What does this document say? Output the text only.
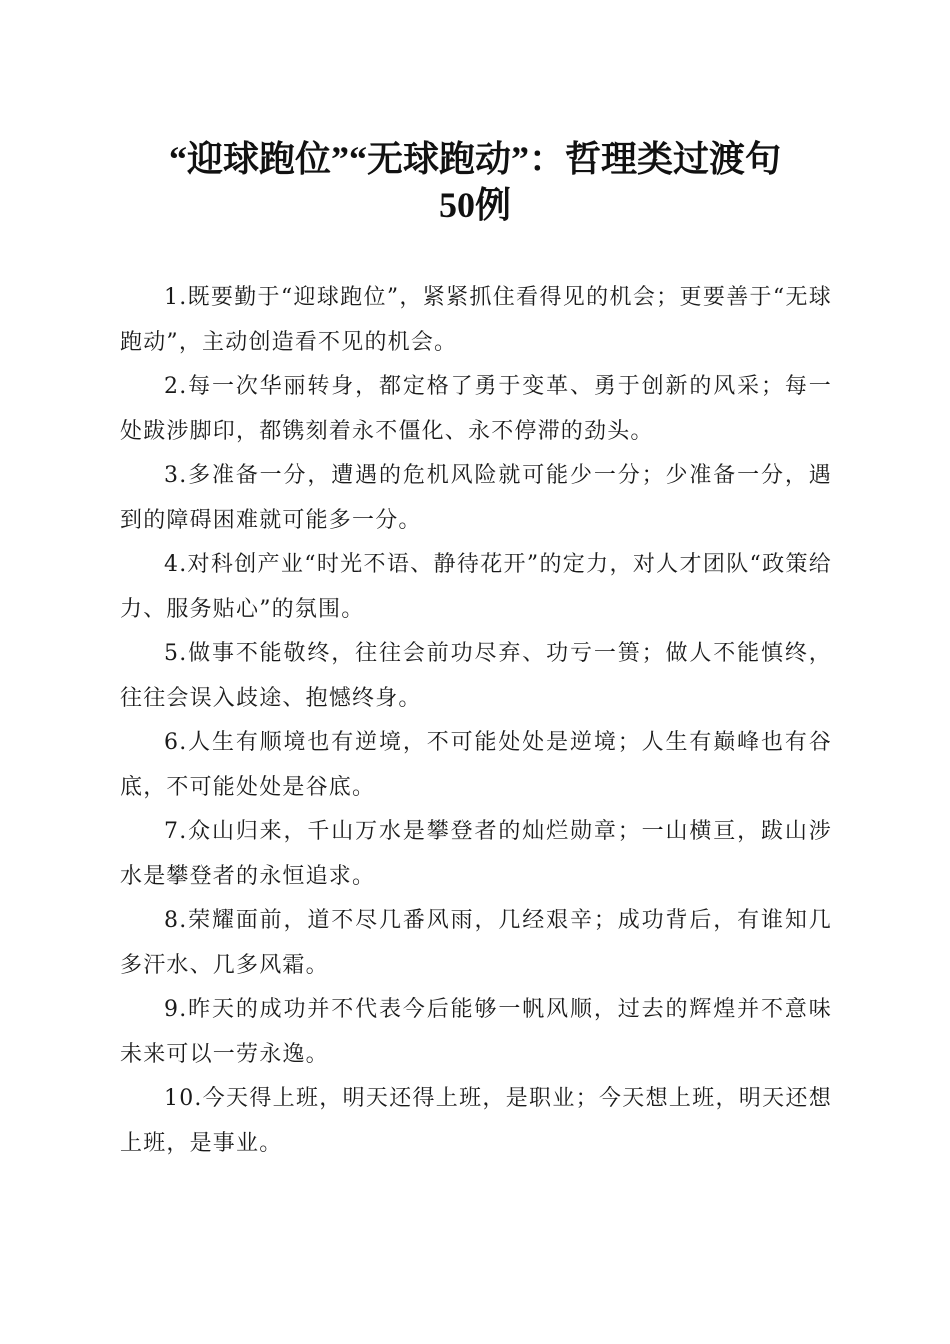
“迎球跑位”“无球跑动”：哲理类过渡句
50例

1.既要勤于“迎球跑位”，紧紧抓住看得见的机会；更要善于“无球跑动”，主动创造看不见的机会。

2.每一次华丽转身，都定格了勇于变革、勇于创新的风采；每一处跋涉脚印，都镌刻着永不僵化、永不停滞的劲头。

3.多准备一分，遭遇的危机风险就可能少一分；少准备一分，遇到的障碍困难就可能多一分。

4.对科创产业“时光不语、静待花开”的定力，对人才团队“政策给力、服务贴心”的氛围。

5.做事不能敬终，往往会前功尽弃、功亏一篑；做人不能慎终，往往会误入歧途、抱憾终身。

6.人生有顺境也有逆境，不可能处处是逆境；人生有巅峰也有谷底，不可能处处是谷底。

7.众山归来，千山万水是攀登者的灿烂勋章；一山横亘，跋山涉水是攀登者的永恒追求。

8.荣耀面前，道不尽几番风雨，几经艰辛；成功背后，有谁知几多汗水、几多风霜。

9.昨天的成功并不代表今后能够一帆风顺，过去的辉煌并不意味未来可以一劳永逸。

10.今天得上班，明天还得上班，是职业；今天想上班，明天还想上班，是事业。
